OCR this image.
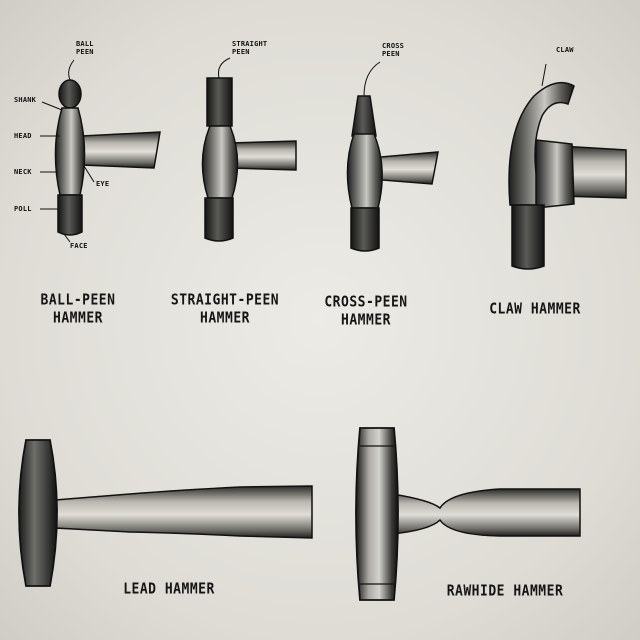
BALL
PEEN
SHANK
HEAD
NECK
EYE
POLL
FACE
STRAIGHT
PEEN
CROSS
PEEN	CLAW
BALL-PEEN
HAMMER
STRAIGHT-PEEN
HAMMER
CROSS-PEEN
HAMMER
CLAW HAMMER
LEAD HAMMER	RAWHIDE HAMMER
